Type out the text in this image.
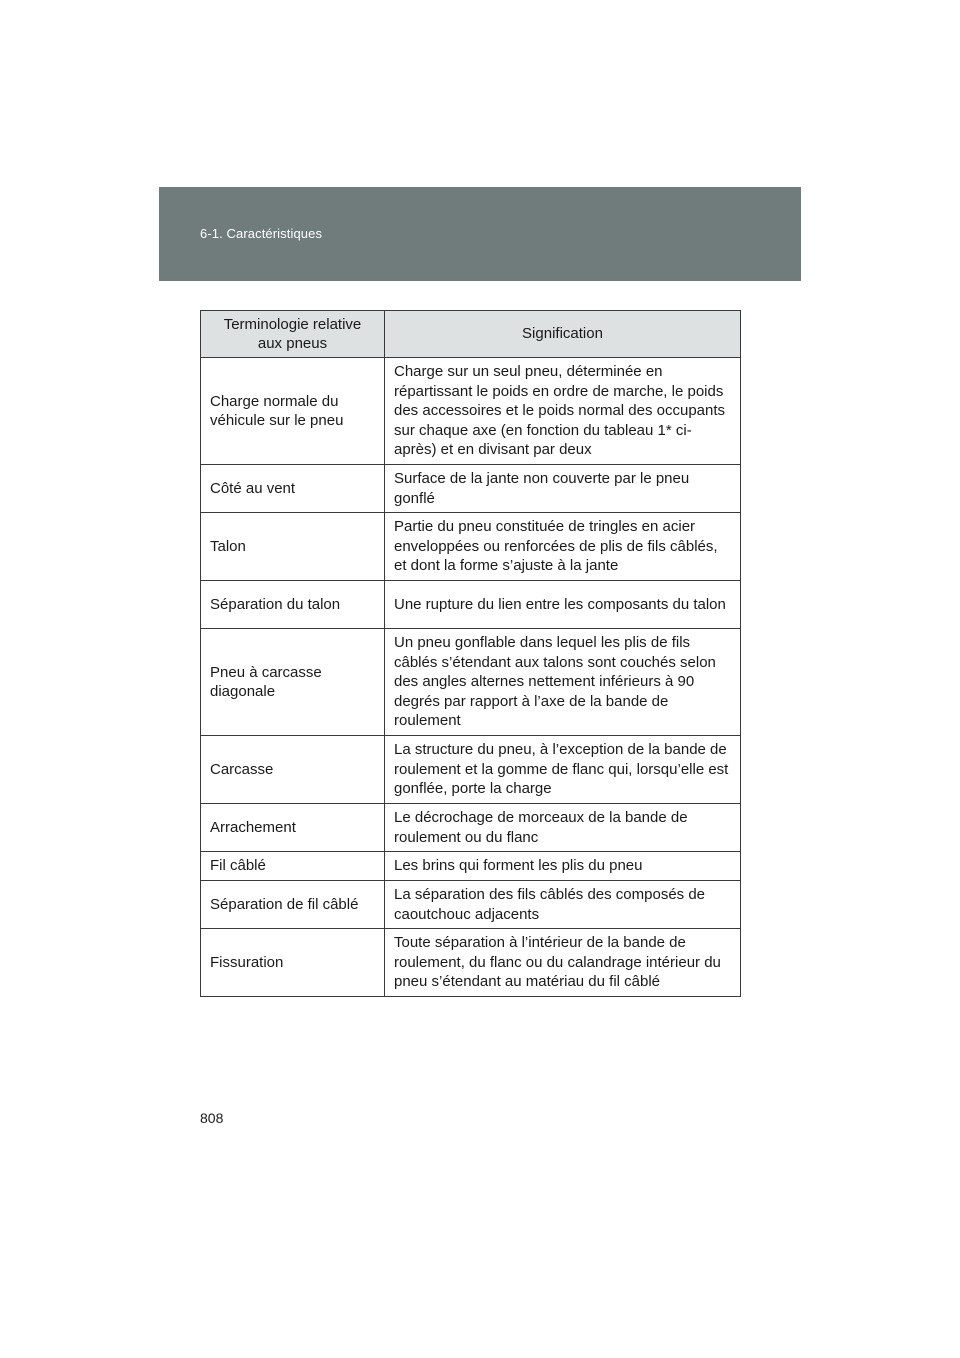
6-1. Caractéristiques
Terminologie relative aux pneus	Signification
Charge normale du véhicule sur le pneu	Charge sur un seul pneu, déterminée en répartissant le poids en ordre de marche, le poids des accessoires et le poids normal des occupants sur chaque axe (en fonction du tableau 1* ci-après) et en divisant par deux
Côté au vent	Surface de la jante non couverte par le pneu gonflé
Talon	Partie du pneu constituée de tringles en acier enveloppées ou renforcées de plis de fils câblés, et dont la forme s’ajuste à la jante
Séparation du talon	Une rupture du lien entre les composants du talon
Pneu à carcasse diagonale	Un pneu gonflable dans lequel les plis de fils câblés s’étendant aux talons sont couchés selon des angles alternes nettement inférieurs à 90 degrés par rapport à l’axe de la bande de roulement
Carcasse	La structure du pneu, à l’exception de la bande de roulement et la gomme de flanc qui, lorsqu’elle est gonflée, porte la charge
Arrachement	Le décrochage de morceaux de la bande de roulement ou du flanc
Fil câblé	Les brins qui forment les plis du pneu
Séparation de fil câblé	La séparation des fils câblés des composés de caoutchouc adjacents
Fissuration	Toute séparation à l’intérieur de la bande de roulement, du flanc ou du calandrage intérieur du pneu s’étendant au matériau du fil câblé
808
